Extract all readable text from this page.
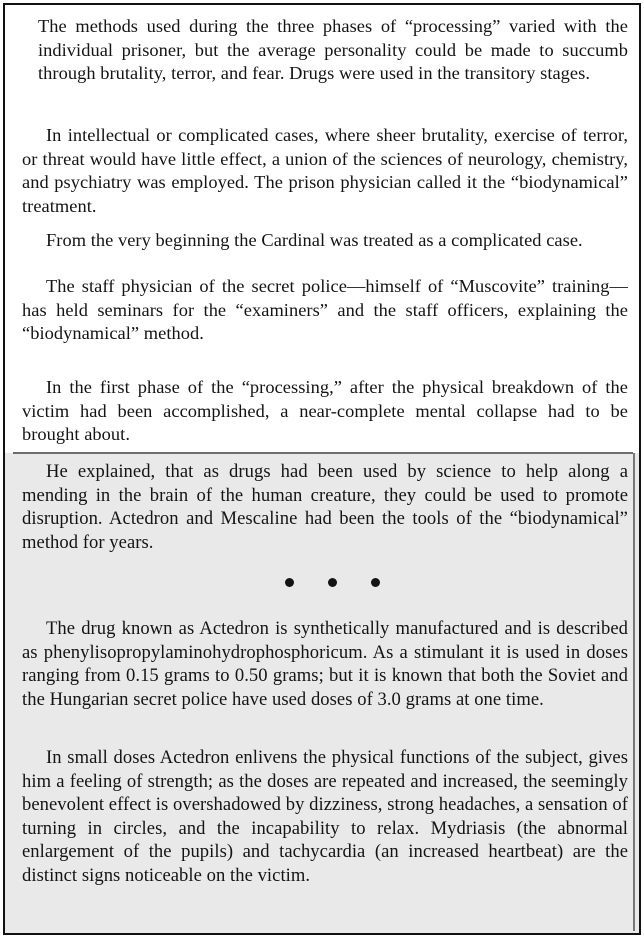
The methods used during the three phases of “processing” varied with the individual prisoner, but the average personality could be made to succumb through brutality, terror, and fear. Drugs were used in the transitory stages.

In intellectual or complicated cases, where sheer brutality, exercise of terror, or threat would have little effect, a union of the sciences of neurology, chemistry, and psychiatry was employed. The prison physician called it the “biodynamical” treatment.

From the very beginning the Cardinal was treated as a complicated case.

The staff physician of the secret police—himself of “Muscovite” training—has held seminars for the “examiners” and the staff officers, explaining the “biodynamical” method.

In the first phase of the “processing,” after the physical breakdown of the victim had been accomplished, a near-complete mental collapse had to be brought about.

He explained, that as drugs had been used by science to help along a mending in the brain of the human creature, they could be used to promote disruption. Actedron and Mescaline had been the tools of the “biodynamical” method for years.

The drug known as Actedron is synthetically manufactured and is described as phenylisopropylaminohydrophosphoricum. As a stimulant it is used in doses ranging from 0.15 grams to 0.50 grams; but it is known that both the Soviet and the Hungarian secret police have used doses of 3.0 grams at one time.

In small doses Actedron enlivens the physical functions of the subject, gives him a feeling of strength; as the doses are repeated and increased, the seemingly benevolent effect is overshadowed by dizziness, strong headaches, a sensation of turning in circles, and the incapability to relax. Mydriasis (the abnormal enlargement of the pupils) and tachycardia (an increased heartbeat) are the distinct signs noticeable on the victim.
